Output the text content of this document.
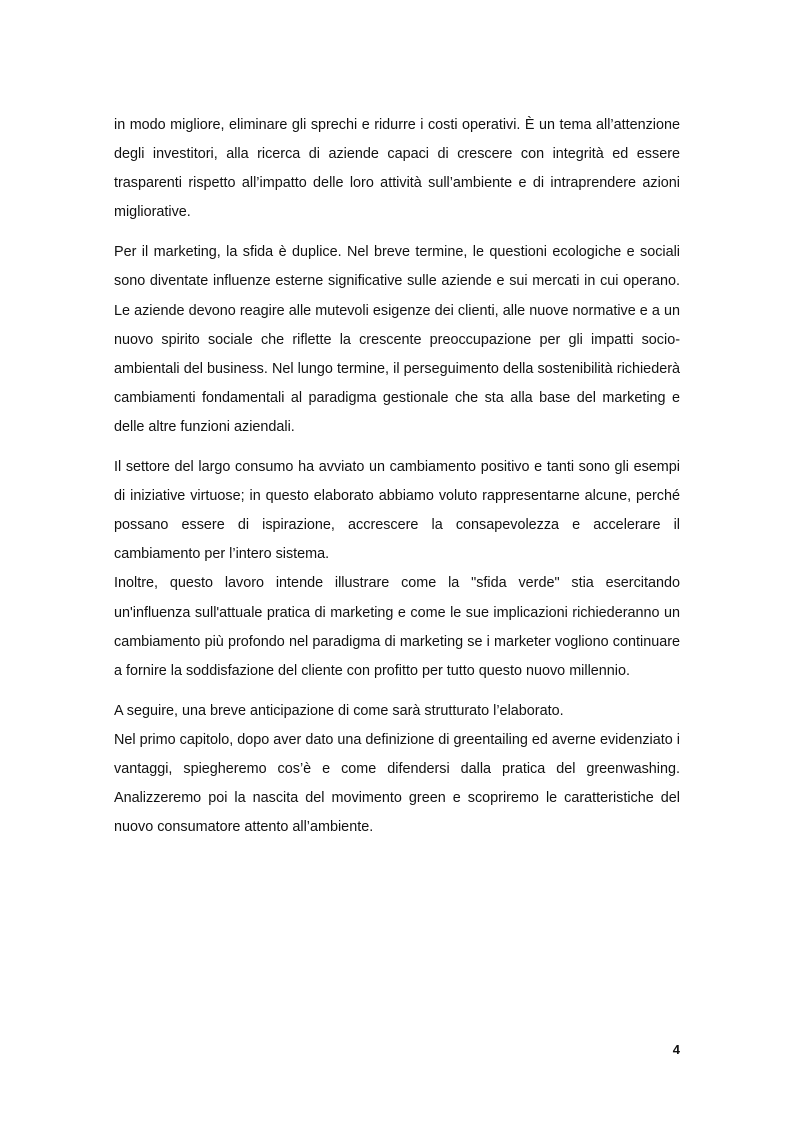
in modo migliore, eliminare gli sprechi e ridurre i costi operativi. È un tema all’attenzione degli investitori, alla ricerca di aziende capaci di crescere con integrità ed essere trasparenti rispetto all’impatto delle loro attività sull’ambiente e di intraprendere azioni migliorative.

Per il marketing, la sfida è duplice. Nel breve termine, le questioni ecologiche e sociali sono diventate influenze esterne significative sulle aziende e sui mercati in cui operano. Le aziende devono reagire alle mutevoli esigenze dei clienti, alle nuove normative e a un nuovo spirito sociale che riflette la crescente preoccupazione per gli impatti socio-ambientali del business. Nel lungo termine, il perseguimento della sostenibilità richiederà cambiamenti fondamentali al paradigma gestionale che sta alla base del marketing e delle altre funzioni aziendali.

Il settore del largo consumo ha avviato un cambiamento positivo e tanti sono gli esempi di iniziative virtuose; in questo elaborato abbiamo voluto rappresentarne alcune, perché possano essere di ispirazione, accrescere la consapevolezza e accelerare il cambiamento per l’intero sistema.

Inoltre, questo lavoro intende illustrare come la "sfida verde" stia esercitando un'influenza sull'attuale pratica di marketing e come le sue implicazioni richiederanno un cambiamento più profondo nel paradigma di marketing se i marketer vogliono continuare a fornire la soddisfazione del cliente con profitto per tutto questo nuovo millennio.

A seguire, una breve anticipazione di come sarà strutturato l’elaborato.

Nel primo capitolo, dopo aver dato una definizione di greentailing ed averne evidenziato i vantaggi, spiegheremo cos’è e come difendersi dalla pratica del greenwashing. Analizzeremo poi la nascita del movimento green e scopriremo le caratteristiche del nuovo consumatore attento all’ambiente.

4
